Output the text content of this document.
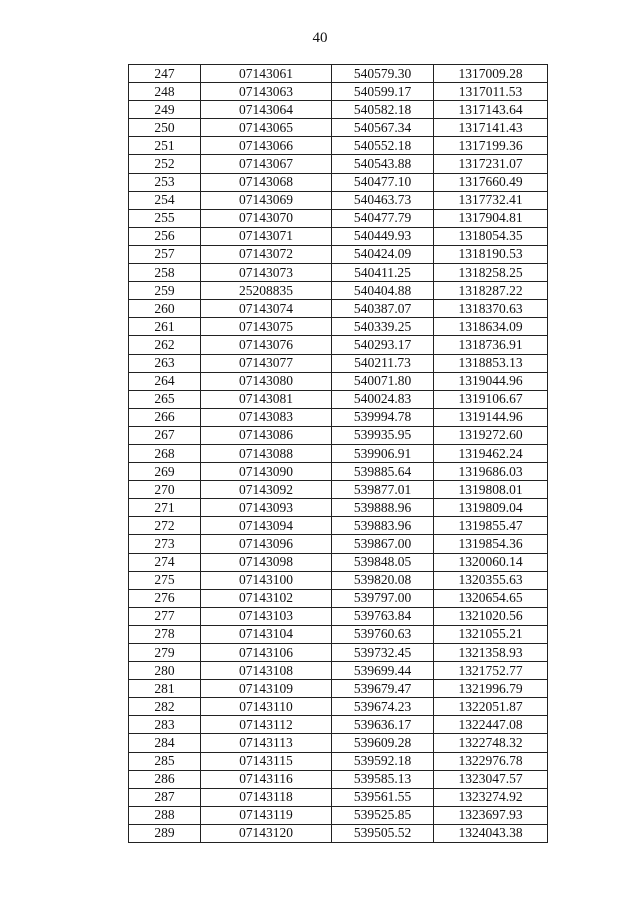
40
247	07143061	540579.30	1317009.28
248	07143063	540599.17	1317011.53
249	07143064	540582.18	1317143.64
250	07143065	540567.34	1317141.43
251	07143066	540552.18	1317199.36
252	07143067	540543.88	1317231.07
253	07143068	540477.10	1317660.49
254	07143069	540463.73	1317732.41
255	07143070	540477.79	1317904.81
256	07143071	540449.93	1318054.35
257	07143072	540424.09	1318190.53
258	07143073	540411.25	1318258.25
259	25208835	540404.88	1318287.22
260	07143074	540387.07	1318370.63
261	07143075	540339.25	1318634.09
262	07143076	540293.17	1318736.91
263	07143077	540211.73	1318853.13
264	07143080	540071.80	1319044.96
265	07143081	540024.83	1319106.67
266	07143083	539994.78	1319144.96
267	07143086	539935.95	1319272.60
268	07143088	539906.91	1319462.24
269	07143090	539885.64	1319686.03
270	07143092	539877.01	1319808.01
271	07143093	539888.96	1319809.04
272	07143094	539883.96	1319855.47
273	07143096	539867.00	1319854.36
274	07143098	539848.05	1320060.14
275	07143100	539820.08	1320355.63
276	07143102	539797.00	1320654.65
277	07143103	539763.84	1321020.56
278	07143104	539760.63	1321055.21
279	07143106	539732.45	1321358.93
280	07143108	539699.44	1321752.77
281	07143109	539679.47	1321996.79
282	07143110	539674.23	1322051.87
283	07143112	539636.17	1322447.08
284	07143113	539609.28	1322748.32
285	07143115	539592.18	1322976.78
286	07143116	539585.13	1323047.57
287	07143118	539561.55	1323274.92
288	07143119	539525.85	1323697.93
289	07143120	539505.52	1324043.38
